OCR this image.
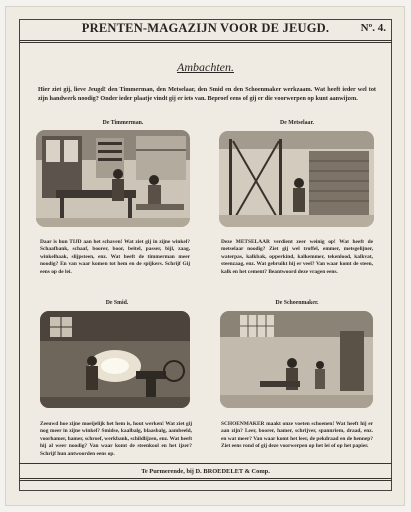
PRENTEN-MAGAZIJN VOOR DE JEUGD.	Nº. 4.
Ambachten.
Hier ziet gij, lieve Jeugd! den Timmerman, den Metselaar, den Smid en den Schoenmaker werkzaam. Wat heeft ieder wel tot zijn handwerk noodig? Onder ieder plaatje vindt gij er iets van. Beproef eens of gij er die voorwerpen op kunt aanwijzen.
De Timmerman.
Daar is hun TIJD aan het schaven! Wat ziet gij in zijne winkel? Schaafbank, schaaf, boorer, boor, beitel, passer, bijl, zaag, winkelhaak, slijpsteen, enz. Wat heeft de timmerman meer noodig? En van waar komen tot hem en de spijkers. Schrijf Gij eens op de lei.
De Metselaar.
Deze METSELAAR verdient zeer weinig op! Wat heeft de metselaar noodig? Ziet gij wel troffel, emmer, metsgelijner, waterpas, kalkbak, opperkind, kalkemmer, tekenlood, kalkvat, steenzaag, enz. Wat gebruikt hij er veel? Van waar komt de steen, kalk en het cement? Beantwoord deze vragen eens.
De Smid.
Zeeuwd hoe zijne moeijelijk het hem is, hout werken! Wat ziet gij nog meer in zijne winkel? Smidse, kaalbalg, blaasbalg, aambeeld, voorhamer, hamer, schroef, werkbank, schildlijzen, enz. Wat heeft hij al weer noodig? Van waar komt de steenkool en het ijzer? Schrijf hun antwoorden eens op.
De Schoenmaker.
SCHOENMAKER maakt onze voeten schoenen! Wat heeft hij er aan zijn? Leer, boorer, hamer, schrijver, spannriem, draad, enz. en wat meer? Van waar komt het leer, de pekdraad en de hennep? Ziet eens rond of gij deze voorwerpen op het lei of op het papier.
Te Purmerende, bij D. BROEDELET & Comp.
